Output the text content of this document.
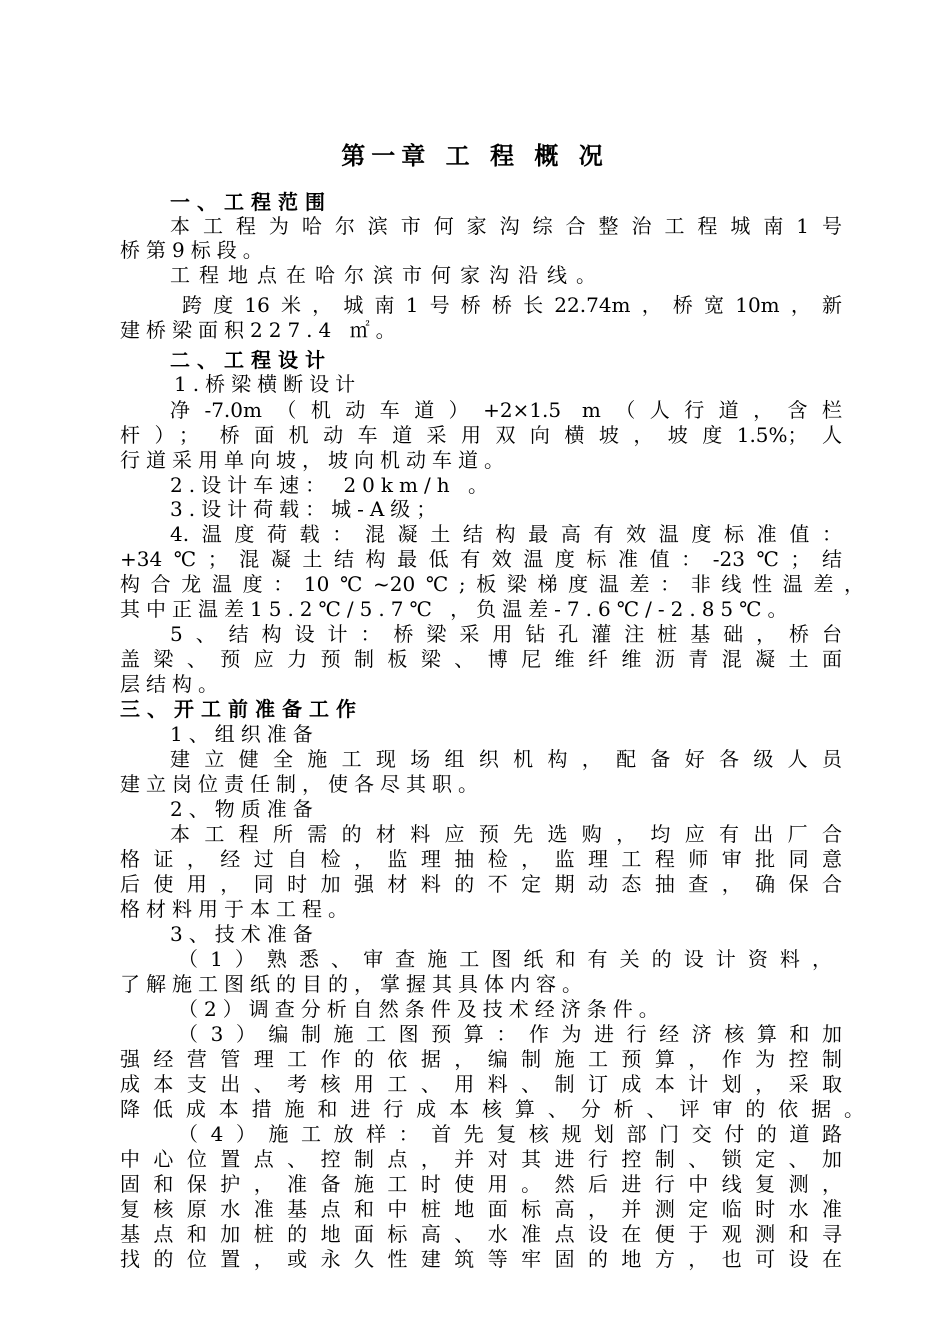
第一章 工 程 概 况
一、工程范围
本工程为哈尔滨市何家沟综合整治工程城南1号
桥第9标段。
工程地点在哈尔滨市何家沟沿线。
跨度16米，城南1号桥桥长22.74m，桥宽10m，新
建桥梁面积227.4 ㎡。
二、工程设计
1.桥梁横断设计
净-7.0m（机动车道）+2×1.5 m（人行道，含栏
杆）； 桥面机动车道采用双向横坡，坡度1.5%；人
行道采用单向坡，坡向机动车道。
2.设计车速： 20km/h 。
3.设计荷载：城-A级；
4.温度荷载：混凝土结构最高有效温度标准值：
+34℃；混凝土结构最低有效温度标准值：-23℃；结
构合龙温度：10℃~20℃;板梁梯度温差：非线性温差，
其中正温差15.2℃/5.7℃ ，负温差-7.6℃/-2.85℃。
5、结构设计：桥梁采用钻孔灌注桩基础，桥台
盖梁、预应力预制板梁、博尼维纤维沥青混凝土面
层结构。
三、开工前准备工作
1、组织准备
建立健全施工现场组织机构，配备好各级人员
建立岗位责任制，使各尽其职。
2、物质准备
本工程所需的材料应预先选购，均应有出厂合
格证，经过自检，监理抽检，监理工程师审批同意
后使用，同时加强材料的不定期动态抽查，确保合
格材料用于本工程。
3、技术准备
（1）熟悉、审查施工图纸和有关的设计资料，
了解施工图纸的目的，掌握其具体内容。
（2）调查分析自然条件及技术经济条件。
（3）编制施工图预算：作为进行经济核算和加
强经营管理工作的依据，编制施工预算，作为控制
成本支出、考核用工、用料、制订成本计划，采取
降低成本措施和进行成本核算、分析、评审的依据。
（4）施工放样：首先复核规划部门交付的道路
中心位置点、控制点，并对其进行控制、锁定、加
固和保护，准备施工时使用。然后进行中线复测，
复核原水准基点和中桩地面标高，并测定临时水准
基点和加桩的地面标高、水准点设在便于观测和寻
找的位置，或永久性建筑等牢固的地方，也可设在
